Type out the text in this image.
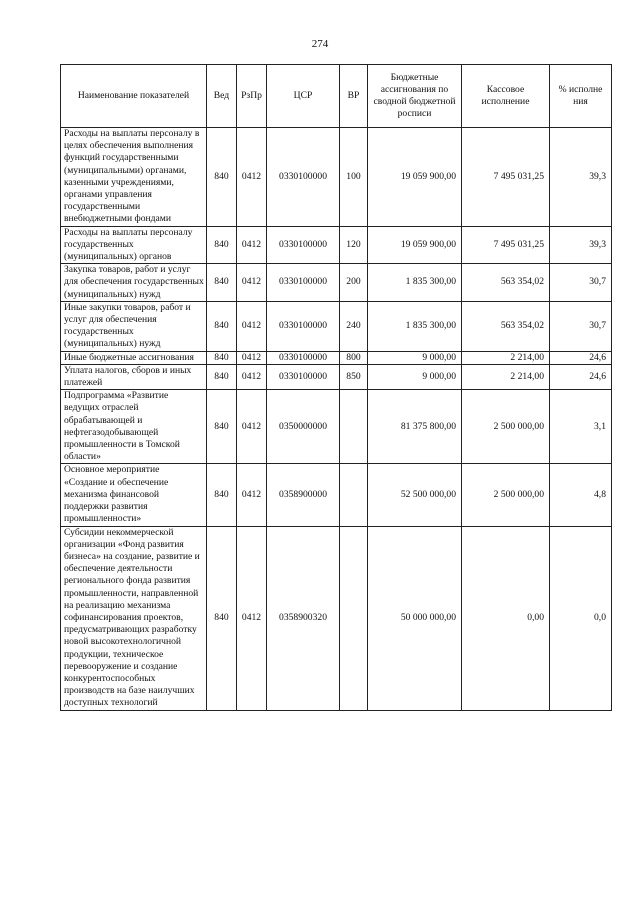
274
Наименование показателей	Вед	РзПр	ЦСР	ВР	Бюджетные ассигнования по сводной бюджетной росписи	Кассовое исполнение	% исполне ния
Расходы на выплаты персоналу в целях обеспечения выполнения функций государственными (муниципальными) органами, казенными учреждениями, органами управления государственными внебюджетными фондами	840	0412	0330100000	100	19 059 900,00	7 495 031,25	39,3
Расходы на выплаты персоналу государственных (муниципальных) органов	840	0412	0330100000	120	19 059 900,00	7 495 031,25	39,3
Закупка товаров, работ и услуг для обеспечения государственных (муниципальных) нужд	840	0412	0330100000	200	1 835 300,00	563 354,02	30,7
Иные закупки товаров, работ и услуг для обеспечения государственных (муниципальных) нужд	840	0412	0330100000	240	1 835 300,00	563 354,02	30,7
Иные бюджетные ассигнования	840	0412	0330100000	800	9 000,00	2 214,00	24,6
Уплата налогов, сборов и иных платежей	840	0412	0330100000	850	9 000,00	2 214,00	24,6
Подпрограмма «Развитие ведущих отраслей обрабатывающей и нефтегазодобывающей промышленности в Томской области»	840	0412	0350000000		81 375 800,00	2 500 000,00	3,1
Основное мероприятие «Создание и обеспечение механизма финансовой поддержки развития промышленности»	840	0412	0358900000		52 500 000,00	2 500 000,00	4,8
Субсидии некоммерческой организации «Фонд развития бизнеса» на создание, развитие и обеспечение деятельности регионального фонда развития промышленности, направленной на реализацию механизма софинансирования проектов, предусматривающих разработку новой высокотехнологичной продукции, техническое перевооружение и создание конкурентоспособных производств на базе наилучших доступных технологий	840	0412	0358900320		50 000 000,00	0,00	0,0
